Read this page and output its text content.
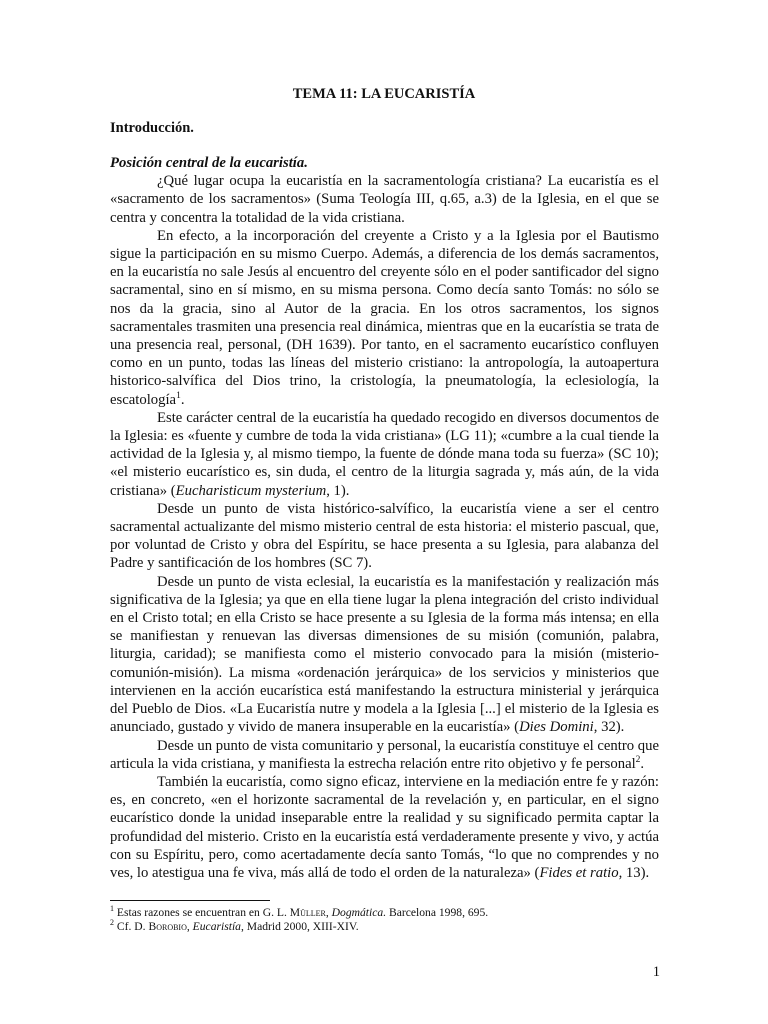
TEMA 11: LA EUCARISTÍA
Introducción.
Posición central de la eucaristía.

¿Qué lugar ocupa la eucaristía en la sacramentología cristiana? La eucaristía es el «sacramento de los sacramentos» (Suma Teología III, q.65, a.3) de la Iglesia, en el que se centra y concentra la totalidad de la vida cristiana.

En efecto, a la incorporación del creyente a Cristo y a la Iglesia por el Bautismo sigue la participación en su mismo Cuerpo. Además, a diferencia de los demás sacramentos, en la eucaristía no sale Jesús al encuentro del creyente sólo en el poder santificador del signo sacramental, sino en sí mismo, en su misma persona. Como decía santo Tomás: no sólo se nos da la gracia, sino al Autor de la gracia. En los otros sacramentos, los signos sacramentales trasmiten una presencia real dinámica, mientras que en la eucarístia se trata de una presencia real, personal, (DH 1639). Por tanto, en el sacramento eucarístico confluyen como en un punto, todas las líneas del misterio cristiano: la antropología, la autoapertura historico-salvífica del Dios trino, la cristología, la pneumatología, la eclesiología, la escatología$^1$.

Este carácter central de la eucaristía ha quedado recogido en diversos documentos de la Iglesia: es «fuente y cumbre de toda la vida cristiana» (LG 11); «cumbre a la cual tiende la actividad de la Iglesia y, al mismo tiempo, la fuente de dónde mana toda su fuerza» (SC 10); «el misterio eucarístico es, sin duda, el centro de la liturgia sagrada y, más aún, de la vida cristiana» (Eucharisticum mysterium, 1).

Desde un punto de vista histórico-salvífico, la eucaristía viene a ser el centro sacramental actualizante del mismo misterio central de esta historia: el misterio pascual, que, por voluntad de Cristo y obra del Espíritu, se hace presenta a su Iglesia, para alabanza del Padre y santificación de los hombres (SC 7).

Desde un punto de vista eclesial, la eucaristía es la manifestación y realización más significativa de la Iglesia; ya que en ella tiene lugar la plena integración del cristo individual en el Cristo total; en ella Cristo se hace presente a su Iglesia de la forma más intensa; en ella se manifiestan y renuevan las diversas dimensiones de su misión (comunión, palabra, liturgia, caridad); se manifiesta como el misterio convocado para la misión (misterio-comunión-misión). La misma «ordenación jerárquica» de los servicios y ministerios que intervienen en la acción eucarística está manifestando la estructura ministerial y jerárquica del Pueblo de Dios. «La Eucaristía nutre y modela a la Iglesia [...] el misterio de la Iglesia es anunciado, gustado y vivido de manera insuperable en la eucaristía» (Dies Domini, 32).

Desde un punto de vista comunitario y personal, la eucaristía constituye el centro que articula la vida cristiana, y manifiesta la estrecha relación entre rito objetivo y fe personal$^2$.

También la eucaristía, como signo eficaz, interviene en la mediación entre fe y razón: es, en concreto, «en el horizonte sacramental de la revelación y, en particular, en el signo eucarístico donde la unidad inseparable entre la realidad y su significado permita captar la profundidad del misterio. Cristo en la eucaristía está verdaderamente presente y vivo, y actúa con su Espíritu, pero, como acertadamente decía santo Tomás, “lo que no comprendes y no ves, lo atestigua una fe viva, más allá de todo el orden de la naturaleza» (Fides et ratio, 13).

$^1$ Estas razones se encuentran en G. L. Müller, Dogmática. Barcelona 1998, 695.
$^2$ Cf. D. Borobio, Eucaristía, Madrid 2000, XIII-XIV.
1
